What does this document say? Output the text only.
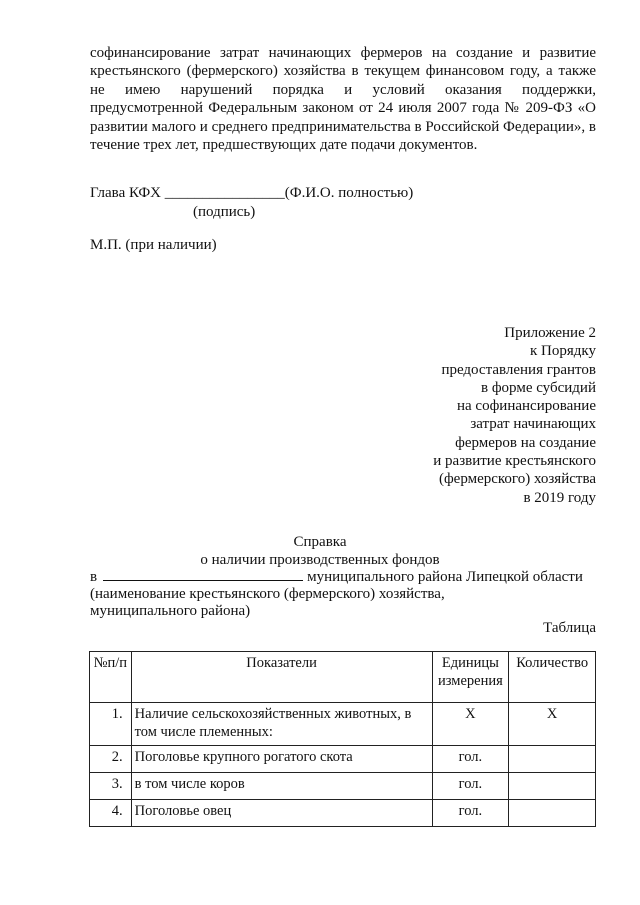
софинансирование затрат начинающих фермеров на создание и развитие крестьянского (фермерского) хозяйства в текущем финансовом году, а также не имею нарушений порядка и условий оказания поддержки, предусмотренной Федеральным законом от 24 июля 2007 года № 209-ФЗ «О развитии малого и среднего предпринимательства в Российской Федерации», в течение трех лет, предшествующих дате подачи документов.

Глава КФХ ________________(Ф.И.О. полностью)
(подпись)
М.П. (при наличии)
Приложение 2
к Порядку
предоставления грантов
в форме субсидий
на софинансирование
затрат начинающих
фермеров на создание
и развитие крестьянского
(фермерского) хозяйства
в 2019 году
Справка
о наличии производственных фондов
в	муниципального района Липецкой области
(наименование крестьянского (фермерского) хозяйства,
муниципального района)
Таблица
№п/п	Показатели	Единицы измерения	Количество
1.	Наличие сельскохозяйственных животных, в том числе племенных:	Х	Х
2.	Поголовье крупного рогатого скота	гол.	
3.	в том числе коров	гол.	
4.	Поголовье овец	гол.	
